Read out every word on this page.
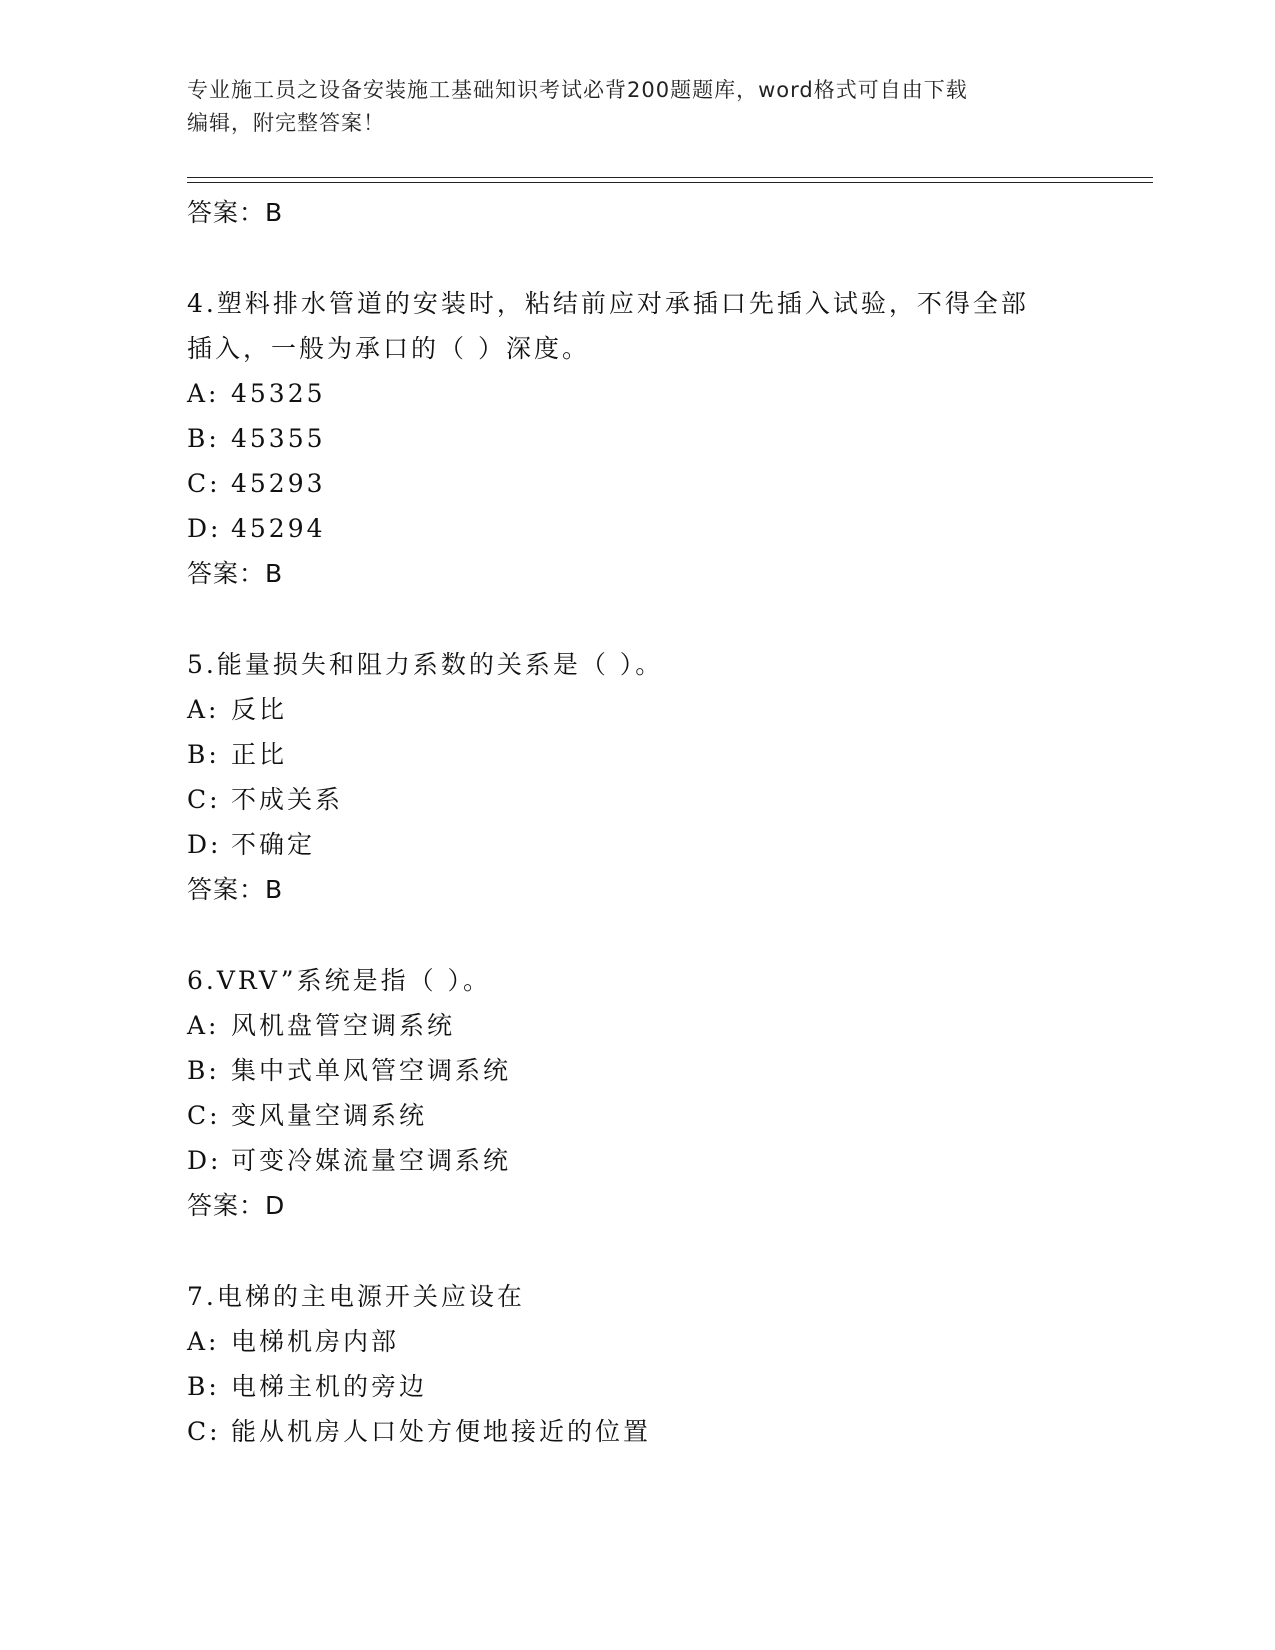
专业施工员之设备安装施工基础知识考试必背200题题库，word格式可自由下载
编辑，附完整答案！
答案：B
4.塑料排水管道的安装时，粘结前应对承插口先插入试验，不得全部
插入，一般为承口的（ ）深度。
A: 45325
B: 45355
C: 45293
D: 45294
答案：B
5.能量损失和阻力系数的关系是（ ）。
A: 反比
B: 正比
C: 不成关系
D: 不确定
答案：B
6.VRV”系统是指（ ）。
A: 风机盘管空调系统
B: 集中式单风管空调系统
C: 变风量空调系统
D: 可变冷媒流量空调系统
答案：D
7.电梯的主电源开关应设在
A: 电梯机房内部
B: 电梯主机的旁边
C: 能从机房人口处方便地接近的位置
